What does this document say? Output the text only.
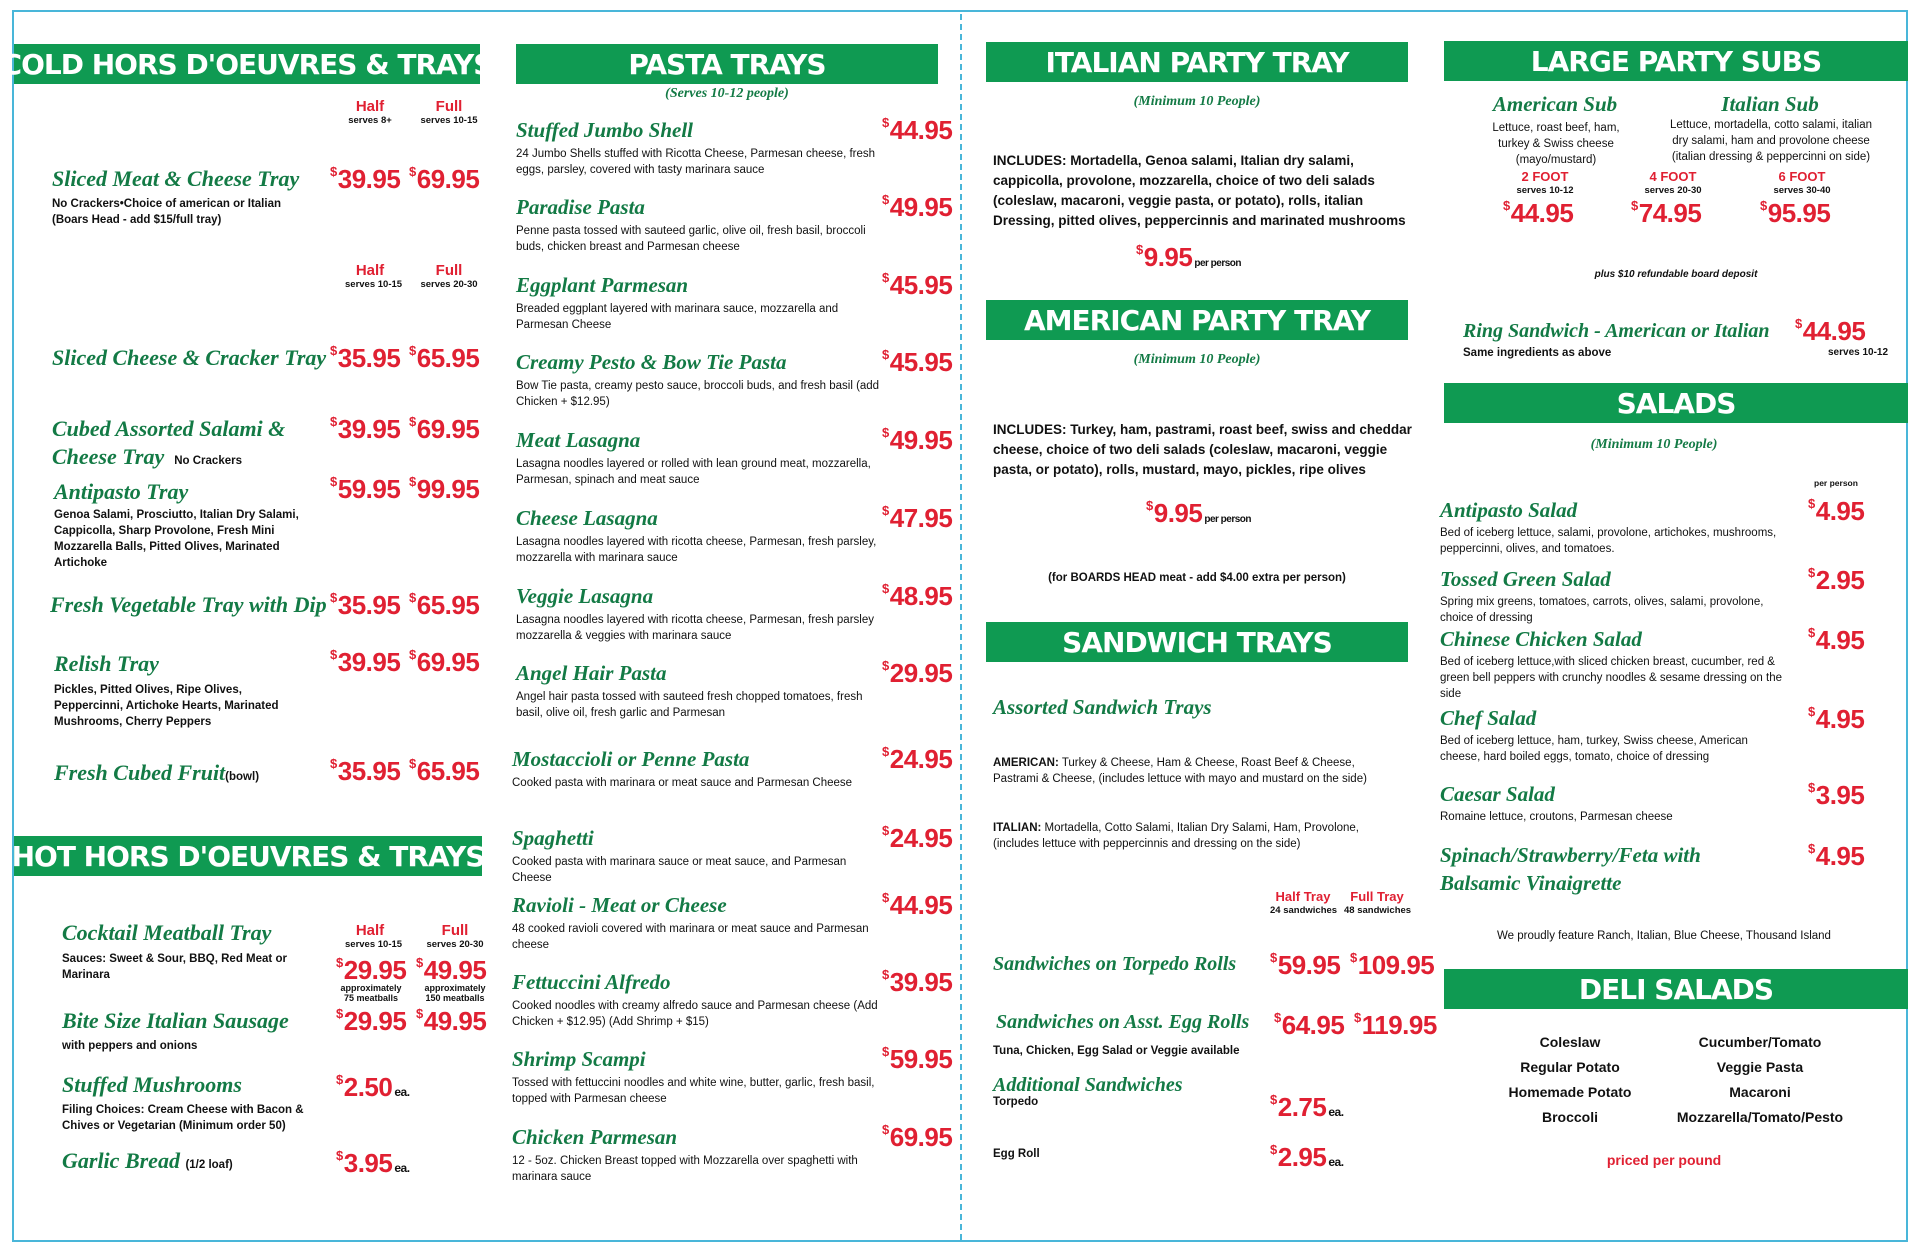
COLD HORS D'OEUVRES & TRAYS
Half
serves 8+
Full
serves 10-15
Sliced Meat & Cheese Tray
No Crackers•Choice of american or Italian (Boars Head - add $15/full tray)
$39.95 $69.95
Half
serves 10-15
Full
serves 20-30
Sliced Cheese & Cracker Tray $35.95 $65.95
Cubed Assorted Salami &
Cheese Tray No Crackers
$39.95 $69.95
Antipasto Tray
Genoa Salami, Prosciutto, Italian Dry Salami, Cappicolla, Sharp Provolone, Fresh Mini Mozzarella Balls, Pitted Olives, Marinated Artichoke
$59.95 $99.95
Fresh Vegetable Tray with Dip $35.95 $65.95
Relish Tray
Pickles, Pitted Olives, Ripe Olives, Peppercinni, Artichoke Hearts, Marinated Mushrooms, Cherry Peppers
$39.95 $69.95
Fresh Cubed Fruit(bowl)
$35.95 $65.95
HOT HORS D'OEUVRES & TRAYS
Half
serves 10-15
Full
serves 20-30
Cocktail Meatball Tray
Sauces: Sweet & Sour, BBQ, Red Meat or Marinara
$29.95 $49.95
approximately 75 meatballs
approximately 150 meatballs
Bite Size Italian Sausage
with peppers and onions
$29.95 $49.95
Stuffed Mushrooms
Filing Choices: Cream Cheese with Bacon & Chives or Vegetarian (Minimum order 50)
$2.50 ea.
Garlic Bread (1/2 loaf)
$3.95 ea.
PASTA TRAYS
(Serves 10-12 people)
Stuffed Jumbo Shell
24 Jumbo Shells stuffed with Ricotta Cheese, Parmesan cheese, fresh eggs, parsley, covered with tasty marinara sauce
$44.95
Paradise Pasta
Penne pasta tossed with sauteed garlic, olive oil, fresh basil, broccoli buds, chicken breast and Parmesan cheese
$49.95
Eggplant Parmesan
Breaded eggplant layered with marinara sauce, mozzarella and Parmesan Cheese
$45.95
Creamy Pesto & Bow Tie Pasta
Bow Tie pasta, creamy pesto sauce, broccoli buds, and fresh basil (add Chicken + $12.95)
$45.95
Meat Lasagna
Lasagna noodles layered or rolled with lean ground meat, mozzarella, Parmesan, spinach and meat sauce
$49.95
Cheese Lasagna
Lasagna noodles layered with ricotta cheese, Parmesan, fresh parsley, mozzarella with marinara sauce
$47.95
Veggie Lasagna
Lasagna noodles layered with ricotta cheese, Parmesan, fresh parsley mozzarella & veggies with marinara sauce
$48.95
Angel Hair Pasta
Angel hair pasta tossed with sauteed fresh chopped tomatoes, fresh basil, olive oil, fresh garlic and Parmesan
$29.95
Mostaccioli or Penne Pasta
Cooked pasta with marinara or meat sauce and Parmesan Cheese
$24.95
Spaghetti
Cooked pasta with marinara sauce or meat sauce, and Parmesan Cheese
$24.95
Ravioli - Meat or Cheese
48 cooked ravioli covered with marinara or meat sauce and Parmesan cheese
$44.95
Fettuccini Alfredo
Cooked noodles with creamy alfredo sauce and Parmesan cheese (Add Chicken + $12.95) (Add Shrimp + $15)
$39.95
Shrimp Scampi
Tossed with fettuccini noodles and white wine, butter, garlic, fresh basil, topped with Parmesan cheese
$59.95
Chicken Parmesan
12 - 5oz. Chicken Breast topped with Mozzarella over spaghetti with marinara sauce
$69.95
ITALIAN PARTY TRAY
(Minimum 10 People)
INCLUDES: Mortadella, Genoa salami, Italian dry salami, cappicolla, provolone, mozzarella, choice of two deli salads (coleslaw, macaroni, veggie pasta, or potato), rolls, italian Dressing, pitted olives, peppercinnis and marinated mushrooms
$9.95 per person
AMERICAN PARTY TRAY
(Minimum 10 People)
INCLUDES: Turkey, ham, pastrami, roast beef, swiss and cheddar cheese, choice of two deli salads (coleslaw, macaroni, veggie pasta, or potato), rolls, mustard, mayo, pickles, ripe olives
$9.95 per person
(for BOARDS HEAD meat - add $4.00 extra per person)
SANDWICH TRAYS
Assorted Sandwich Trays
AMERICAN: Turkey & Cheese, Ham & Cheese, Roast Beef & Cheese, Pastrami & Cheese, (includes lettuce with mayo and mustard on the side)
ITALIAN: Mortadella, Cotto Salami, Italian Dry Salami, Ham, Provolone, (includes lettuce with peppercinnis and dressing on the side)
Half Tray
24 sandwiches
Full Tray
48 sandwiches
Sandwiches on Torpedo Rolls	$59.95 $109.95
Sandwiches on Asst. Egg Rolls
Tuna, Chicken, Egg Salad or Veggie available
$64.95 $119.95
Additional Sandwiches
Torpedo	$2.75 ea.
Egg Roll	$2.95 ea.
LARGE PARTY SUBS
American Sub
Lettuce, roast beef, ham, turkey & Swiss cheese (mayo/mustard)
Italian Sub
Lettuce, mortadella, cotto salami, italian dry salami, ham and provolone cheese (italian dressing & peppercinni on side)
2 FOOT
serves 10-12
$44.95
4 FOOT
serves 20-30
$74.95
6 FOOT
serves 30-40
$95.95
plus $10 refundable board deposit
Ring Sandwich - American or Italian
Same ingredients as above
$44.95
serves 10-12
SALADS
(Minimum 10 People)
per person
Antipasto Salad
Bed of iceberg lettuce, salami, provolone, artichokes, mushrooms, peppercinni, olives, and tomatoes.
$4.95
Tossed Green Salad
Spring mix greens, tomatoes, carrots, olives, salami, provolone, choice of dressing
$2.95
Chinese Chicken Salad
Bed of iceberg lettuce,with sliced chicken breast, cucumber, red & green bell peppers with crunchy noodles & sesame dressing on the side
$4.95
Chef Salad
Bed of iceberg lettuce, ham, turkey, Swiss cheese, American cheese, hard boiled eggs, tomato, choice of dressing
$4.95
Caesar Salad
Romaine lettuce, croutons, Parmesan cheese
$3.95
Spinach/Strawberry/Feta with
Balsamic Vinaigrette
$4.95
We proudly feature Ranch, Italian, Blue Cheese, Thousand Island
DELI SALADS
Coleslaw
Regular Potato
Homemade Potato
Broccoli
Cucumber/Tomato
Veggie Pasta
Macaroni
Mozzarella/Tomato/Pesto
priced per pound
